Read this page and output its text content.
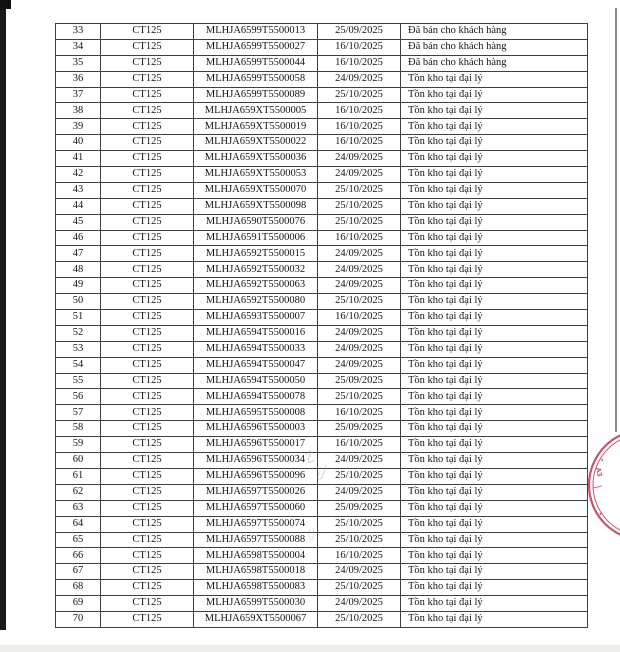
33	CT125	MLHJA6599T5500013	25/09/2025	Đã bán cho khách hàng
34	CT125	MLHJA6599T5500027	16/10/2025	Đã bán cho khách hàng
35	CT125	MLHJA6599T5500044	16/10/2025	Đã bán cho khách hàng
36	CT125	MLHJA6599T5500058	24/09/2025	Tồn kho tại đại lý
37	CT125	MLHJA6599T5500089	25/10/2025	Tồn kho tại đại lý
38	CT125	MLHJA659XT5500005	16/10/2025	Tồn kho tại đại lý
39	CT125	MLHJA659XT5500019	16/10/2025	Tồn kho tại đại lý
40	CT125	MLHJA659XT5500022	16/10/2025	Tồn kho tại đại lý
41	CT125	MLHJA659XT5500036	24/09/2025	Tồn kho tại đại lý
42	CT125	MLHJA659XT5500053	24/09/2025	Tồn kho tại đại lý
43	CT125	MLHJA659XT5500070	25/10/2025	Tồn kho tại đại lý
44	CT125	MLHJA659XT5500098	25/10/2025	Tồn kho tại đại lý
45	CT125	MLHJA6590T5500076	25/10/2025	Tồn kho tại đại lý
46	CT125	MLHJA6591T5500006	16/10/2025	Tồn kho tại đại lý
47	CT125	MLHJA6592T5500015	24/09/2025	Tồn kho tại đại lý
48	CT125	MLHJA6592T5500032	24/09/2025	Tồn kho tại đại lý
49	CT125	MLHJA6592T5500063	24/09/2025	Tồn kho tại đại lý
50	CT125	MLHJA6592T5500080	25/10/2025	Tồn kho tại đại lý
51	CT125	MLHJA6593T5500007	16/10/2025	Tồn kho tại đại lý
52	CT125	MLHJA6594T5500016	24/09/2025	Tồn kho tại đại lý
53	CT125	MLHJA6594T5500033	24/09/2025	Tồn kho tại đại lý
54	CT125	MLHJA6594T5500047	24/09/2025	Tồn kho tại đại lý
55	CT125	MLHJA6594T5500050	25/09/2025	Tồn kho tại đại lý
56	CT125	MLHJA6594T5500078	25/10/2025	Tồn kho tại đại lý
57	CT125	MLHJA6595T5500008	16/10/2025	Tồn kho tại đại lý
58	CT125	MLHJA6596T5500003	25/09/2025	Tồn kho tại đại lý
59	CT125	MLHJA6596T5500017	16/10/2025	Tồn kho tại đại lý
60	CT125	MLHJA6596T5500034	24/09/2025	Tồn kho tại đại lý
61	CT125	MLHJA6596T5500096	25/10/2025	Tồn kho tại đại lý
62	CT125	MLHJA6597T5500026	24/09/2025	Tồn kho tại đại lý
63	CT125	MLHJA6597T5500060	25/09/2025	Tồn kho tại đại lý
64	CT125	MLHJA6597T5500074	25/10/2025	Tồn kho tại đại lý
65	CT125	MLHJA6597T5500088	25/10/2025	Tồn kho tại đại lý
66	CT125	MLHJA6598T5500004	16/10/2025	Tồn kho tại đại lý
67	CT125	MLHJA6598T5500018	24/09/2025	Tồn kho tại đại lý
68	CT125	MLHJA6598T5500083	25/10/2025	Tồn kho tại đại lý
69	CT125	MLHJA6599T5500030	24/09/2025	Tồn kho tại đại lý
70	CT125	MLHJA659XT5500067	25/10/2025	Tồn kho tại đại lý
*
A3
*
